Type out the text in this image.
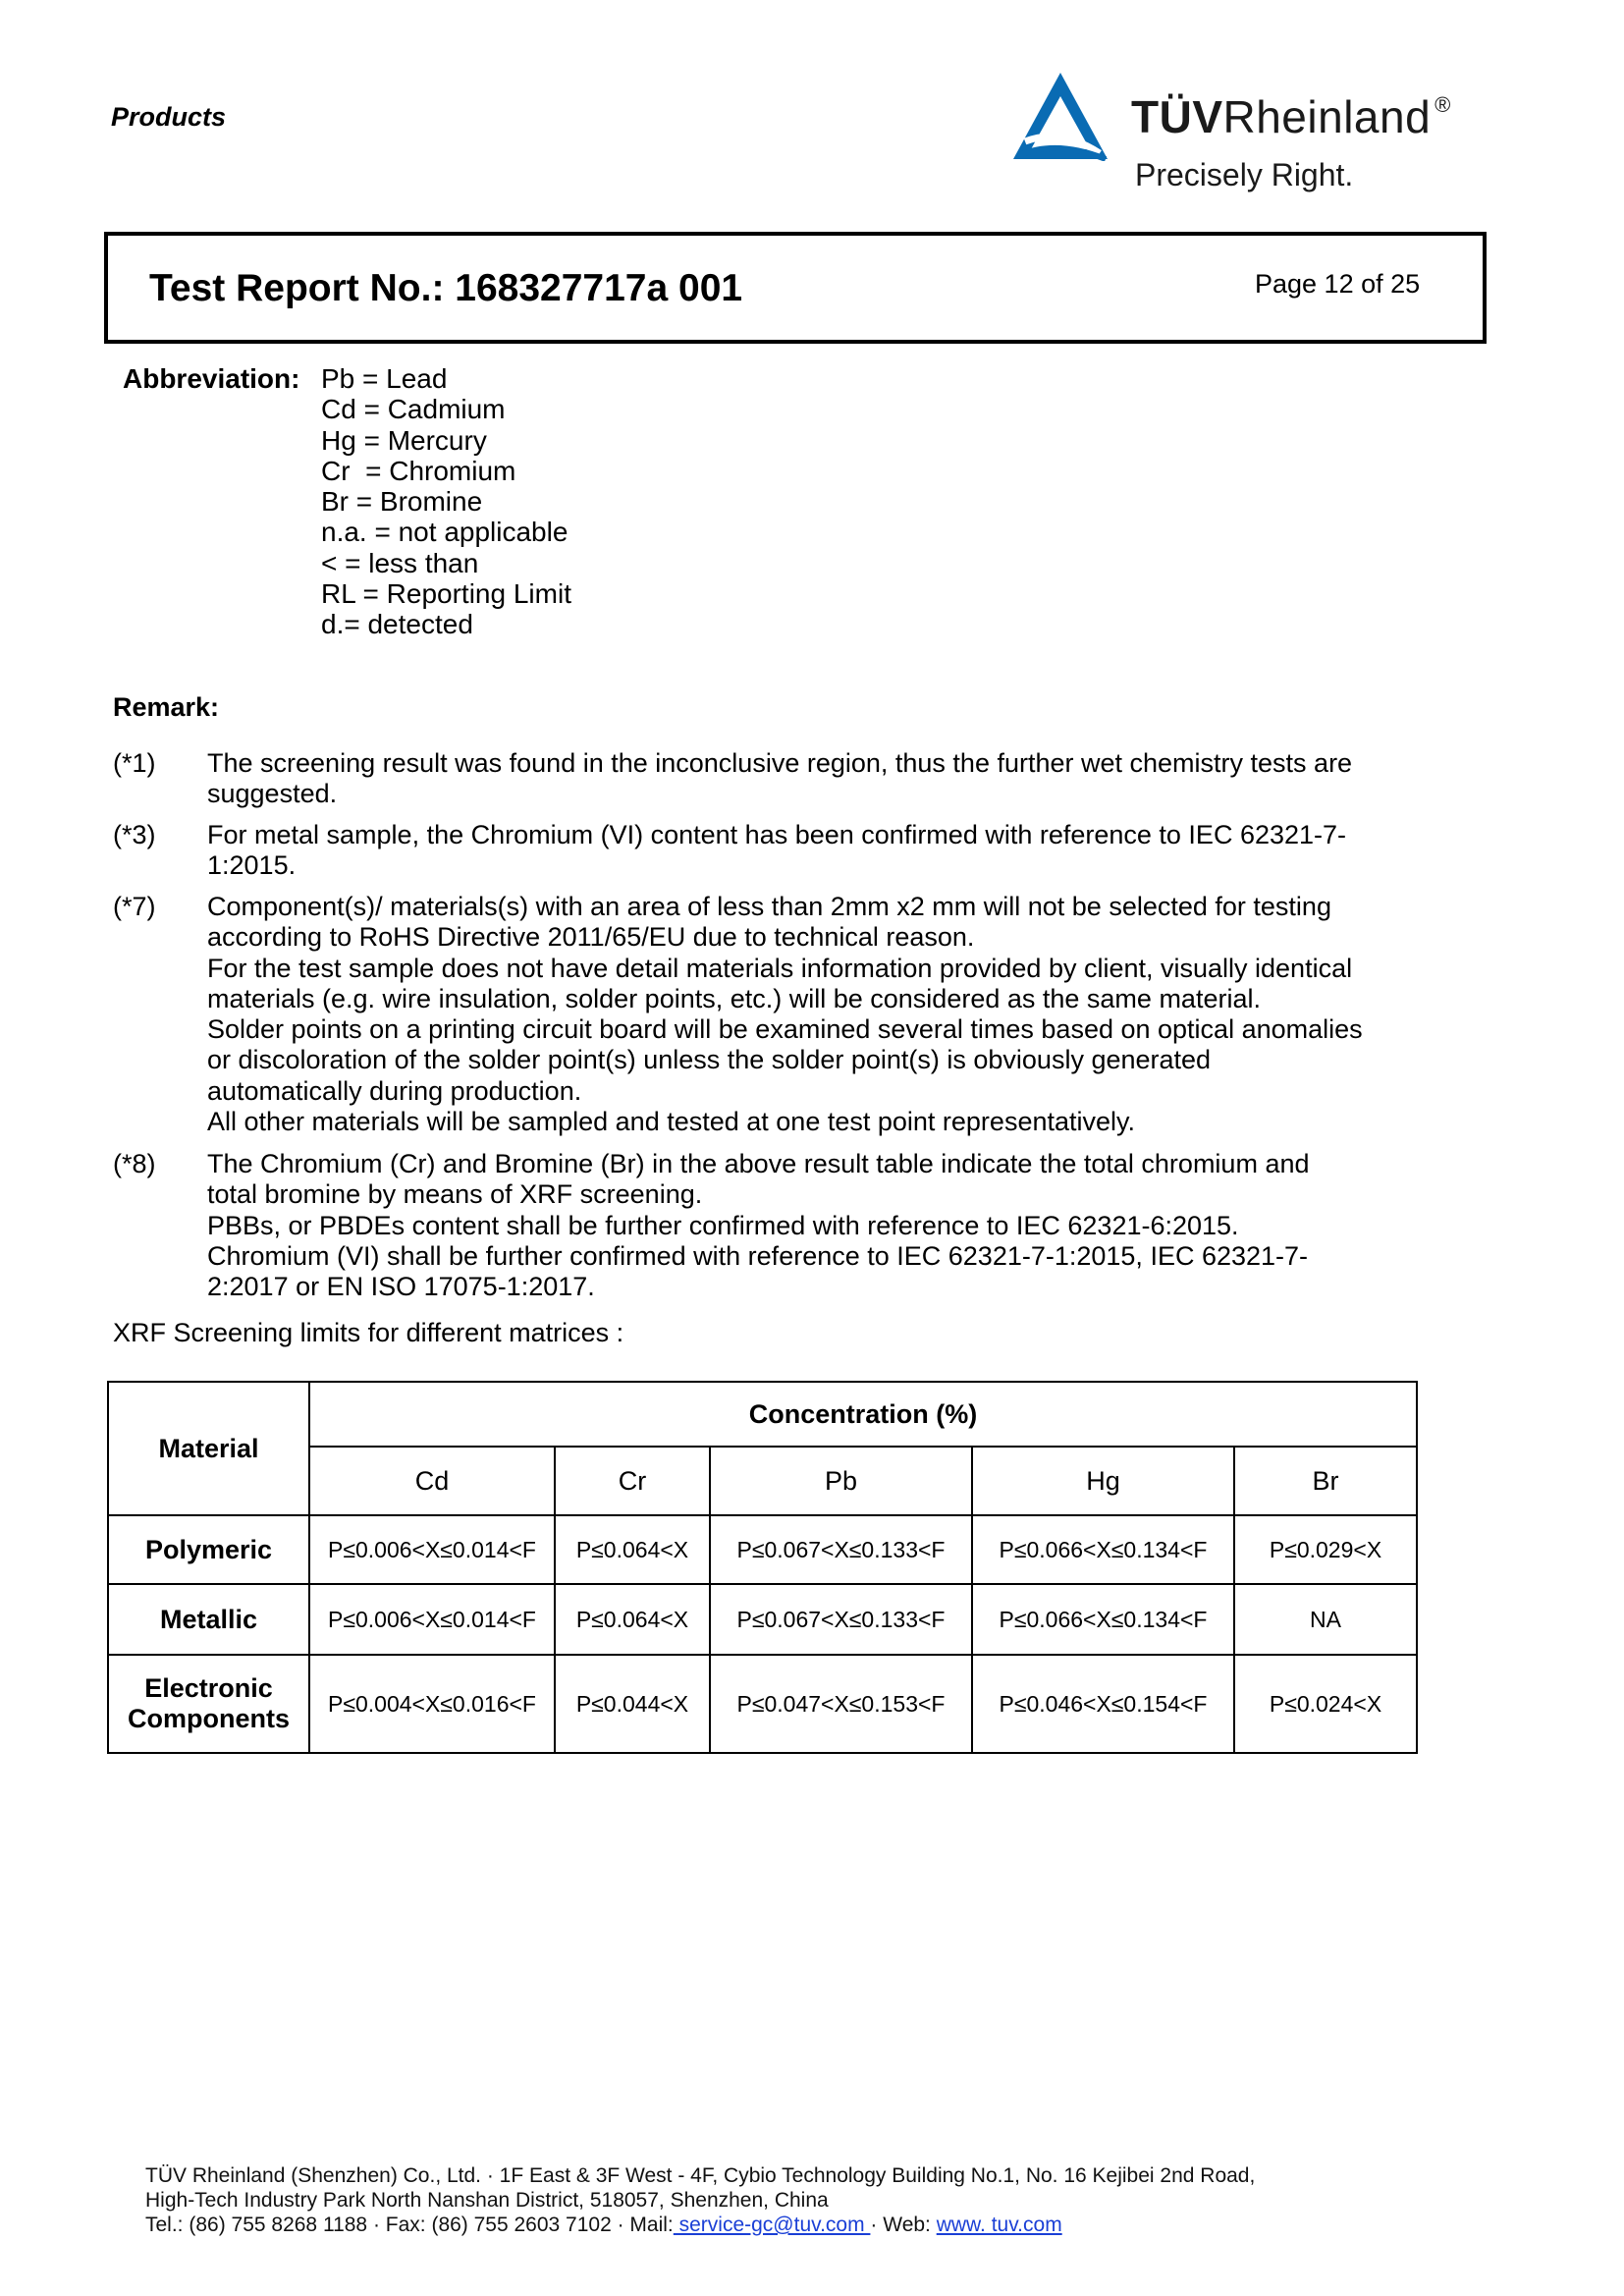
Products	TÜVRheinland ®
Precisely Right.
Test Report No.: 168327717a 001	Page 12 of 25
Abbreviation: Pb = Lead
Cd = Cadmium
Hg = Mercury
Cr  = Chromium
Br = Bromine
n.a. = not applicable
< = less than
RL = Reporting Limit
d.= detected
Remark:
(*1) The screening result was found in the inconclusive region, thus the further wet chemistry tests are
suggested.
(*3) For metal sample, the Chromium (VI) content has been confirmed with reference to IEC 62321-7-
1:2015.
(*7) Component(s)/ materials(s) with an area of less than 2mm x2 mm will not be selected for testing
according to RoHS Directive 2011/65/EU due to technical reason.
For the test sample does not have detail materials information provided by client, visually identical
materials (e.g. wire insulation, solder points, etc.) will be considered as the same material.
Solder points on a printing circuit board will be examined several times based on optical anomalies
or discoloration of the solder point(s) unless the solder point(s) is obviously generated
automatically during production.
All other materials will be sampled and tested at one test point representatively.
(*8) The Chromium (Cr) and Bromine (Br) in the above result table indicate the total chromium and
total bromine by means of XRF screening.
PBBs, or PBDEs content shall be further confirmed with reference to IEC 62321-6:2015.
Chromium (VI) shall be further confirmed with reference to IEC 62321-7-1:2015, IEC 62321-7-
2:2017 or EN ISO 17075-1:2017.
XRF Screening limits for different matrices :
Material	Concentration (%)				
	Cd	Cr	Pb	Hg	Br
Polymeric	P≤0.006<X≤0.014<F	P≤0.064<X	P≤0.067<X≤0.133<F	P≤0.066<X≤0.134<F	P≤0.029<X
Metallic	P≤0.006<X≤0.014<F	P≤0.064<X	P≤0.067<X≤0.133<F	P≤0.066<X≤0.134<F	NA

Electronic
Components	P≤0.004<X≤0.016<F	P≤0.044<X	P≤0.047<X≤0.153<F	P≤0.046<X≤0.154<F	P≤0.024<X
TÜV Rheinland (Shenzhen) Co., Ltd. · 1F East & 3F West - 4F, Cybio Technology Building No.1, No. 16 Kejibei 2nd Road,
High-Tech Industry Park North Nanshan District, 518057, Shenzhen, China
Tel.: (86) 755 8268 1188 · Fax: (86) 755 2603 7102 · Mail: service-gc@tuv.com · Web: www. tuv.com
